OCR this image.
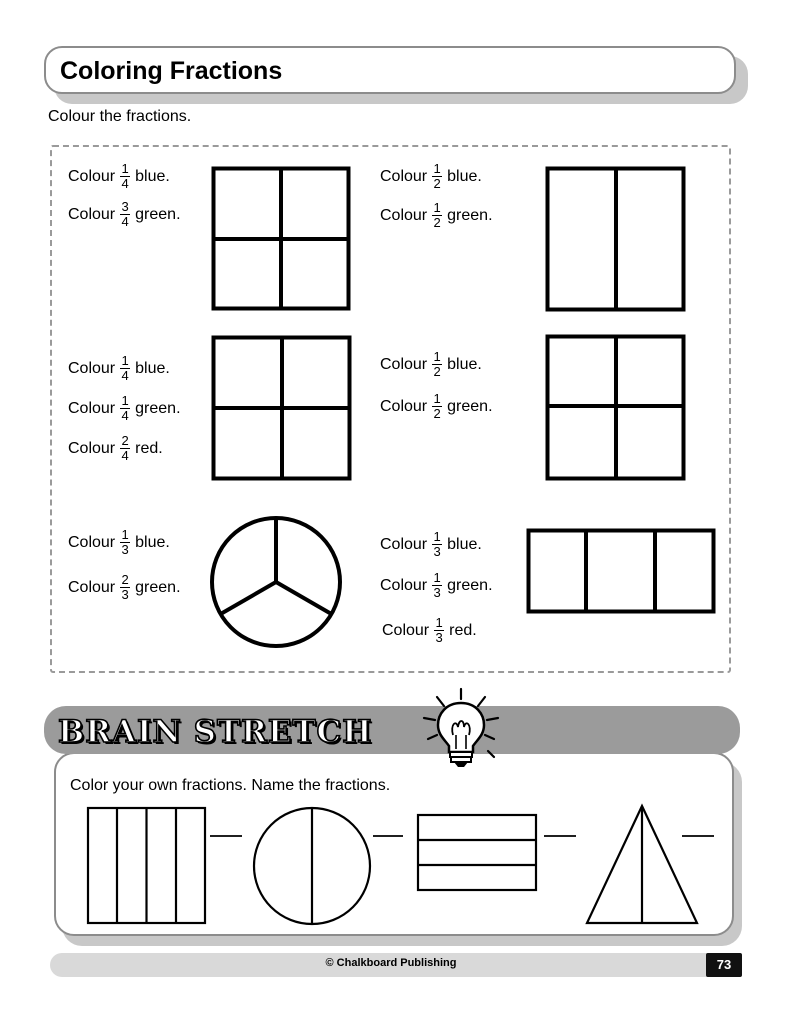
Coloring Fractions
Colour the fractions.
Colour $\frac{1}{4}$ blue.
Colour $\frac{3}{4}$ green.
Colour $\frac{1}{2}$ blue.
Colour $\frac{1}{2}$ green.
Colour $\frac{1}{4}$ blue.
Colour $\frac{1}{4}$ green.
Colour $\frac{2}{4}$ red.
Colour $\frac{1}{2}$ blue.
Colour $\frac{1}{2}$ green.
Colour $\frac{1}{3}$ blue.
Colour $\frac{2}{3}$ green.
Colour $\frac{1}{3}$ blue.
Colour $\frac{1}{3}$ green.
Colour $\frac{1}{3}$ red.
BRAIN STRETCH
Color your own fractions. Name the fractions.
© Chalkboard Publishing	73
